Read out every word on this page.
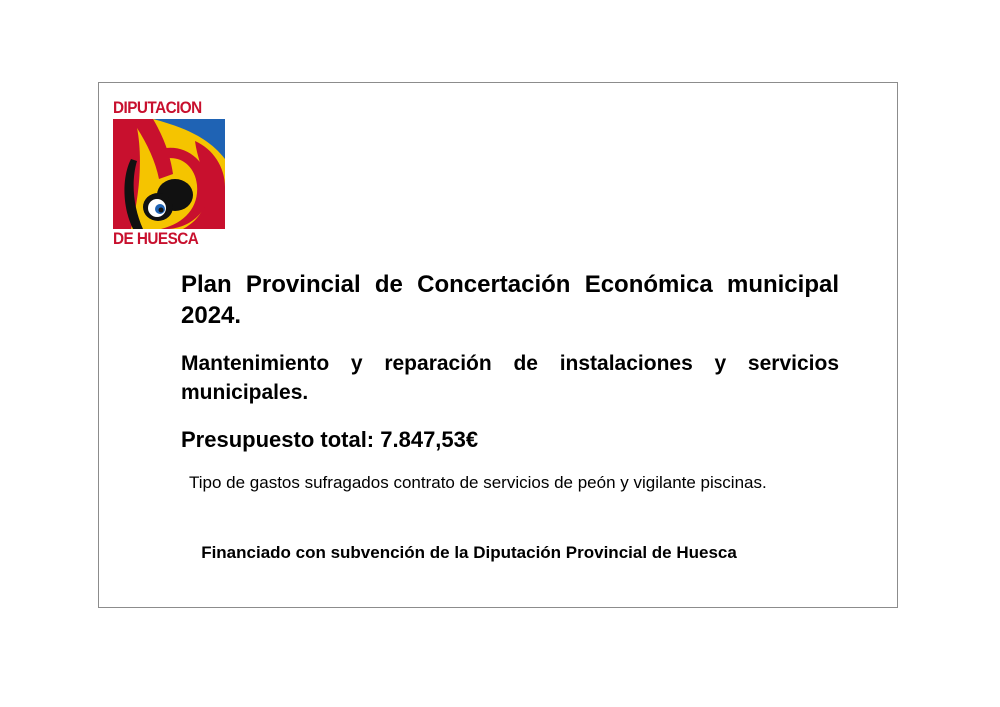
DIPUTACION
DE HUESCA

Plan Provincial de Concertación Económica municipal 2024.

Mantenimiento y reparación de instalaciones y servicios municipales.

Presupuesto total: 7.847,53€

Tipo de gastos sufragados contrato de servicios de peón y vigilante piscinas.

Financiado con subvención de la Diputación Provincial de Huesca
